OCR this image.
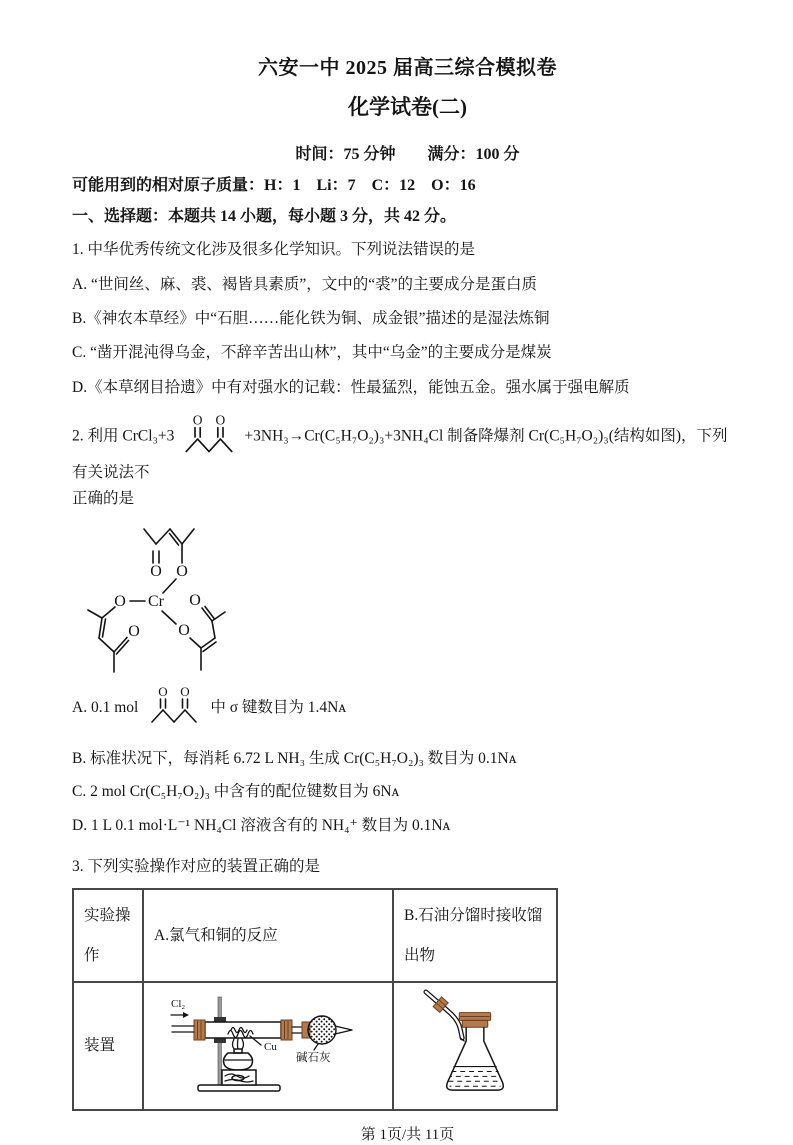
六安一中 2025 届高三综合模拟卷
化学试卷(二)
时间：75 分钟　　满分：100 分
可能用到的相对原子质量：H：1　Li：7　C：12　O：16
一、选择题：本题共 14 小题，每小题 3 分，共 42 分。
1. 中华优秀传统文化涉及很多化学知识。下列说法错误的是
A. “世间丝、麻、裘、褐皆具素质”，文中的“裘”的主要成分是蛋白质
B.《神农本草经》中“石胆……能化铁为铜、成金银”描述的是湿法炼铜
C. “凿开混沌得乌金，不辞辛苦出山林”，其中“乌金”的主要成分是煤炭
D.《本草纲目拾遗》中有对强水的记载：性最猛烈，能蚀五金。强水属于强电解质
2. 利用 CrCl₃+3
O O
+3NH₃→Cr(C₅H₇O₂)₃+3NH₄Cl 制备降爆剂 Cr(C₅H₇O₂)₃(结构如图)，下列有关说法不
正确的是
Cr
O
O O
O
O O
A. 0.1 mol
O O
中 σ 键数目为 1.4Nᴀ
B. 标准状况下，每消耗 6.72 L NH₃ 生成 Cr(C₅H₇O₂)₃ 数目为 0.1Nᴀ
C. 2 mol Cr(C₅H₇O₂)₃ 中含有的配位键数目为 6Nᴀ
D. 1 L 0.1 mol·L⁻¹ NH₄Cl 溶液含有的 NH₄⁺ 数目为 0.1Nᴀ
3. 下列实验操作对应的装置正确的是
实验操作	A.氯气和铜的反应	B.石油分馏时接收馏出物
装置	Cl₂
Cu
碱石灰

第 1页/共 11页
